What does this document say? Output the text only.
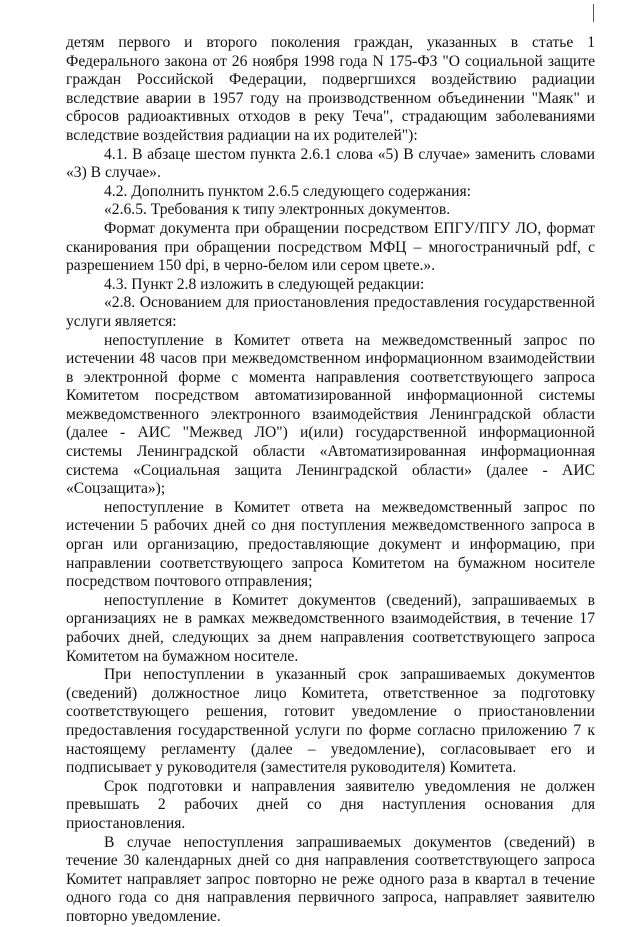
детям первого и второго поколения граждан, указанных в статье 1 Федерального закона от 26 ноября 1998 года N 175-ФЗ "О социальной защите граждан Российской Федерации, подвергшихся воздействию радиации вследствие аварии в 1957 году на производственном объединении "Маяк" и сбросов радиоактивных отходов в реку Теча", страдающим заболеваниями вследствие воздействия радиации на их родителей"):

4.1. В абзаце шестом пункта 2.6.1 слова «5) В случае» заменить словами «3) В случае».

4.2. Дополнить пунктом 2.6.5 следующего содержания:

«2.6.5. Требования к типу электронных документов.

Формат документа при обращении посредством ЕПГУ/ПГУ ЛО, формат сканирования при обращении посредством МФЦ – многостраничный pdf, с разрешением 150 dpi, в черно-белом или сером цвете.».

4.3. Пункт 2.8 изложить в следующей редакции:

«2.8. Основанием для приостановления предоставления государственной услуги является:

непоступление в Комитет ответа на межведомственный запрос по истечении 48 часов при межведомственном информационном взаимодействии в электронной форме с момента направления соответствующего запроса Комитетом посредством автоматизированной информационной системы межведомственного электронного взаимодействия Ленинградской области (далее - АИС "Межвед ЛО") и(или) государственной информационной системы Ленинградской области «Автоматизированная информационная система «Социальная защита Ленинградской области» (далее - АИС «Соцзащита»);

непоступление в Комитет ответа на межведомственный запрос по истечении 5 рабочих дней со дня поступления межведомственного запроса в орган или организацию, предоставляющие документ и информацию, при направлении соответствующего запроса Комитетом на бумажном носителе посредством почтового отправления;

непоступление в Комитет документов (сведений), запрашиваемых в организациях не в рамках межведомственного взаимодействия, в течение 17 рабочих дней, следующих за днем направления соответствующего запроса Комитетом на бумажном носителе.

При непоступлении в указанный срок запрашиваемых документов (сведений) должностное лицо Комитета, ответственное за подготовку соответствующего решения, готовит уведомление о приостановлении предоставления государственной услуги по форме согласно приложению 7 к настоящему регламенту (далее – уведомление), согласовывает его и подписывает у руководителя (заместителя руководителя) Комитета.

Срок подготовки и направления заявителю уведомления не должен превышать 2 рабочих дней со дня наступления основания для приостановления.

В случае непоступления запрашиваемых документов (сведений) в течение 30 календарных дней со дня направления соответствующего запроса Комитет направляет запрос повторно не реже одного раза в квартал в течение одного года со дня направления первичного запроса, направляет заявителю повторно уведомление.
